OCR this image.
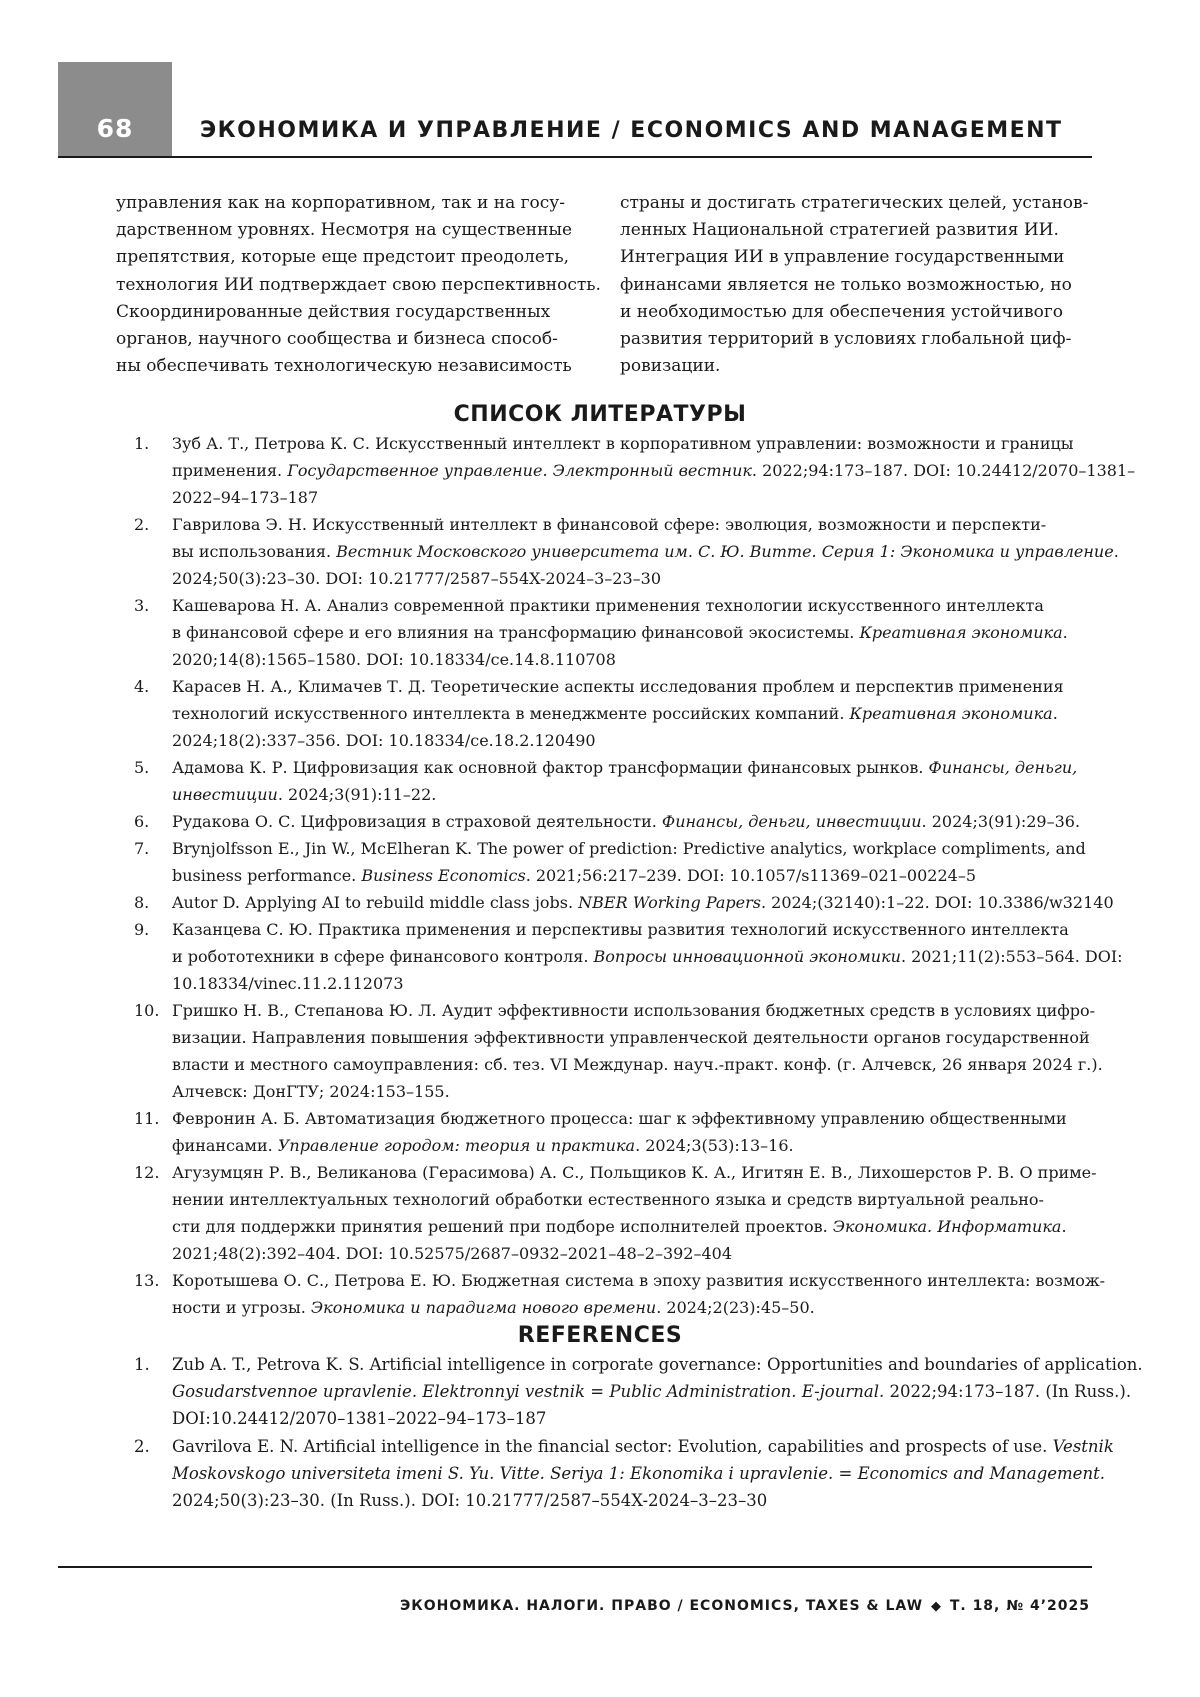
68	ЭКОНОМИКА И УПРАВЛЕНИЕ / ECONOMICS AND MANAGEMENT
управления как на корпоративном, так и на госу-
дарственном уровнях. Несмотря на существенные
препятствия, которые еще предстоит преодолеть,
технология ИИ подтверждает свою перспективность.
Скоординированные действия государственных
органов, научного сообщества и бизнеса способ-
ны обеспечивать технологическую независимость
страны и достигать стратегических целей, установ-
ленных Национальной стратегией развития ИИ.
Интеграция ИИ в управление государственными
финансами является не только возможностью, но
и необходимостью для обеспечения устойчивого
развития территорий в условиях глобальной циф-
ровизации.
СПИСОК ЛИТЕРАТУРЫ
1. Зуб А. Т., Петрова К. С. Искусственный интеллект в корпоративном управлении: возможности и границы
применения. Государственное управление. Электронный вестник. 2022;94:173–187. DOI: 10.24412/2070–1381–
2022–94–173–187
2. Гаврилова Э. Н. Искусственный интеллект в финансовой сфере: эволюция, возможности и перспекти-
вы использования. Вестник Московского университета им. С. Ю. Витте. Серия 1: Экономика и управление.
2024;50(3):23–30. DOI: 10.21777/2587–554X-2024–3–23–30
3. Кашеварова Н. А. Анализ современной практики применения технологии искусственного интеллекта
в финансовой сфере и его влияния на трансформацию финансовой экосистемы. Креативная экономика.
2020;14(8):1565–1580. DOI: 10.18334/ce.14.8.110708
4. Карасев Н. А., Климачев Т. Д. Теоретические аспекты исследования проблем и перспектив применения
технологий искусственного интеллекта в менеджменте российских компаний. Креативная экономика.
2024;18(2):337–356. DOI: 10.18334/ce.18.2.120490
5. Адамова К. Р. Цифровизация как основной фактор трансформации финансовых рынков. Финансы, деньги,
инвестиции. 2024;3(91):11–22.
6. Рудакова О. С. Цифровизация в страховой деятельности. Финансы, деньги, инвестиции. 2024;3(91):29–36.
7. Brynjolfsson E., Jin W., McElheran K. The power of prediction: Predictive analytics, workplace compliments, and
business performance. Business Economics. 2021;56:217–239. DOI: 10.1057/s11369–021–00224–5
8. Autor D. Applying AI to rebuild middle class jobs. NBER Working Papers. 2024;(32140):1–22. DOI: 10.3386/w32140
9. Казанцева С. Ю. Практика применения и перспективы развития технологий искусственного интеллекта
и робототехники в сфере финансового контроля. Вопросы инновационной экономики. 2021;11(2):553–564. DOI:
10.18334/vinec.11.2.112073
10. Гришко Н. В., Степанова Ю. Л. Аудит эффективности использования бюджетных средств в условиях цифро-
визации. Направления повышения эффективности управленческой деятельности органов государственной
власти и местного самоуправления: сб. тез. VI Междунар. науч.-практ. конф. (г. Алчевск, 26 января 2024 г.).
Алчевск: ДонГТУ; 2024:153–155.
11. Февронин А. Б. Автоматизация бюджетного процесса: шаг к эффективному управлению общественными
финансами. Управление городом: теория и практика. 2024;3(53):13–16.
12. Агузумцян Р. В., Великанова (Герасимова) А. С., Польщиков К. А., Игитян Е. В., Лихошерстов Р. В. О приме-
нении интеллектуальных технологий обработки естественного языка и средств виртуальной реально-
сти для поддержки принятия решений при подборе исполнителей проектов. Экономика. Информатика.
2021;48(2):392–404. DOI: 10.52575/2687–0932–2021–48–2–392–404
13. Коротышева О. С., Петрова Е. Ю. Бюджетная система в эпоху развития искусственного интеллекта: возмож-
ности и угрозы. Экономика и парадигма нового времени. 2024;2(23):45–50.
REFERENCES
1. Zub A. T., Petrova K. S. Artificial intelligence in corporate governance: Opportunities and boundaries of application.
Gosudarstvennoe upravlenie. Elektronnyi vestnik = Public Administration. E-journal. 2022;94:173–187. (In Russ.).
DOI:10.24412/2070–1381–2022–94–173–187
2. Gavrilova E. N. Artificial intelligence in the financial sector: Evolution, capabilities and prospects of use. Vestnik
Moskovskogo universiteta imeni S. Yu. Vitte. Seriya 1: Ekonomika i upravlenie. = Economics and Management.
2024;50(3):23–30. (In Russ.). DOI: 10.21777/2587–554X-2024–3–23–30
ЭКОНОМИКА. НАЛОГИ. ПРАВО / ECONOMICS, TAXES & LAW ◆ Т. 18, № 4’2025
